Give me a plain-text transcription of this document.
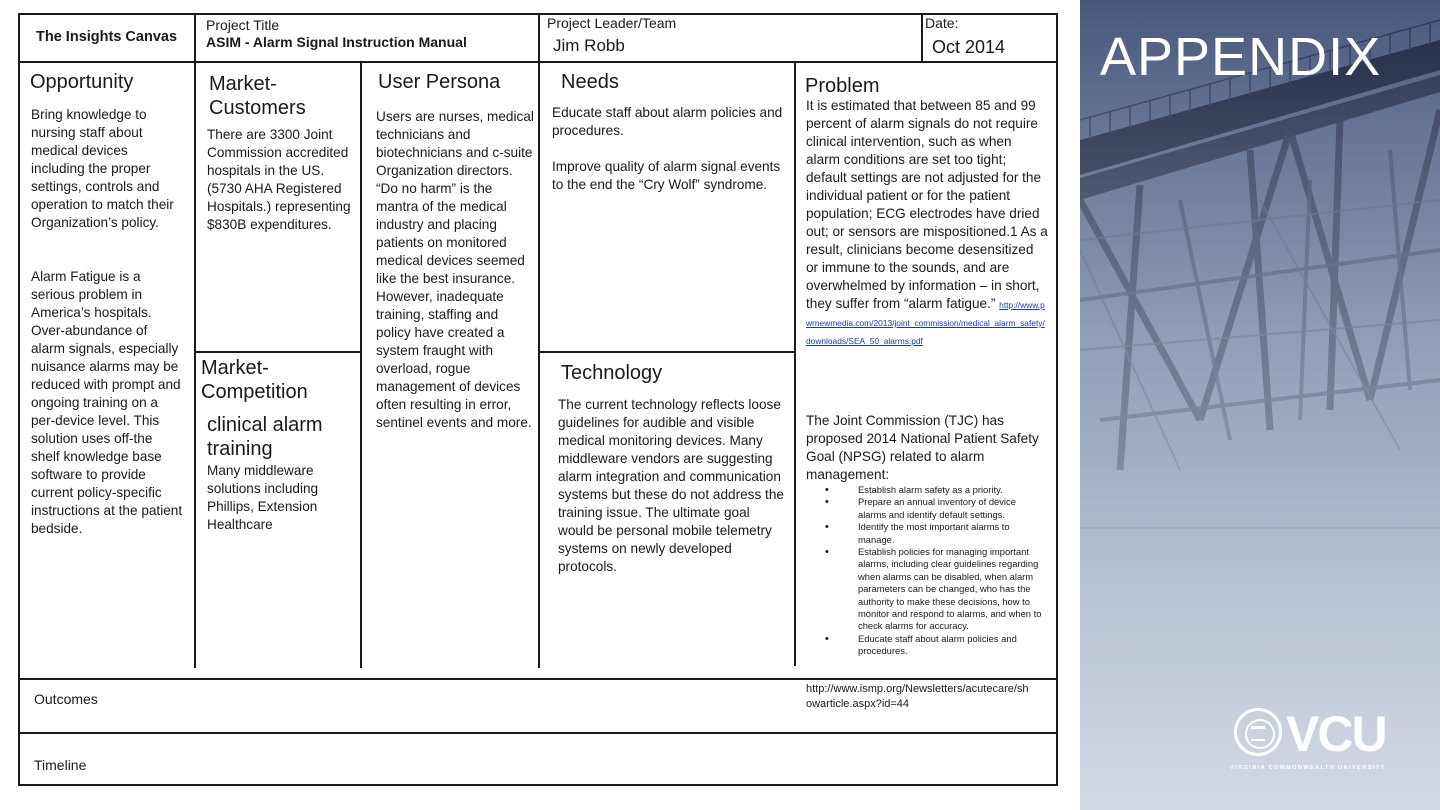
The Insights Canvas
Project Title
ASIM - Alarm Signal Instruction Manual
Project Leader/Team
Jim Robb
Date:
Oct 2014
Opportunity

Bring knowledge to nursing staff about medical devices including the proper settings, controls and operation to match their Organization’s policy.

Alarm Fatigue is a serious problem in America’s hospitals. Over-abundance of alarm signals, especially nuisance alarms may be reduced with prompt and ongoing training on a per-device level. This solution uses off-the shelf knowledge base software to provide current policy-specific instructions at the patient bedside.

Market-
Customers

There are 3300 Joint Commission accredited hospitals in the US. (5730 AHA Registered Hospitals.) representing $830B expenditures.

Market-
Competition
clinical alarm training

Many middleware solutions including Phillips, Extension Healthcare

User Persona

Users are nurses, medical technicians and biotechnicians and c-suite Organization directors. “Do no harm” is the mantra of the medical industry and placing patients on monitored medical devices seemed like the best insurance. However, inadequate training, staffing and policy have created a system fraught with overload, rogue management of devices often resulting in error, sentinel events and more.

Needs

Educate staff about alarm policies and procedures.

Improve quality of alarm signal events to the end the “Cry Wolf” syndrome.

Technology

The current technology reflects loose guidelines for audible and visible medical monitoring devices. Many middleware vendors are suggesting alarm integration and communication systems but these do not address the training issue. The ultimate goal would be personal mobile telemetry systems on newly developed protocols.

Problem

It is estimated that between 85 and 99 percent of alarm signals do not require clinical intervention, such as when alarm conditions are set too tight; default settings are not adjusted for the individual patient or for the patient population; ECG electrodes have dried out; or sensors are mispositioned.1 As a result, clinicians become desensitized or immune to the sounds, and are overwhelmed by information – in short, they suffer from “alarm fatigue.” http://www.pwrnewmedia.com/2013/joint_commission/medical_alarm_safety/downloads/SEA_50_alarms.pdf

The Joint Commission (TJC) has proposed 2014 National Patient Safety Goal (NPSG) related to alarm management:

• Establish alarm safety as a priority.
• Prepare an annual inventory of device alarms and identify default settings.
• Identify the most important alarms to manage.
• Establish policies for managing important alarms, including clear guidelines regarding when alarms can be disabled, when alarm parameters can be changed, who has the authority to make these decisions, how to monitor and respond to alarms, and when to check alarms for accuracy.
• Educate staff about alarm policies and procedures.
http://www.ismp.org/Newsletters/acutecare/showarticle.aspx?id=44
Outcomes
Timeline
APPENDIX
VCU
VIRGINIA COMMONWEALTH UNIVERSITY
